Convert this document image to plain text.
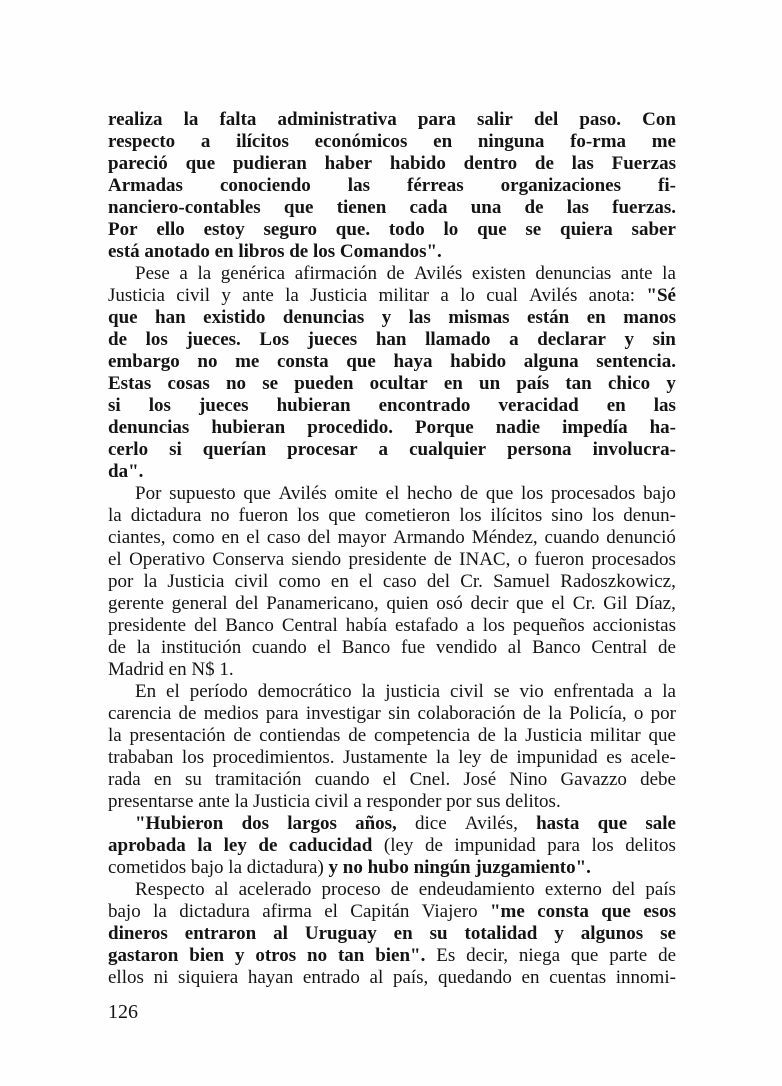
realiza la falta administrativa para salir del paso. Con
respecto a ilícitos económicos en ninguna fo-rma me
pareció que pudieran haber habido dentro de las Fuerzas
Armadas conociendo las férreas organizaciones fi-
nanciero-contables que tienen cada una de las fuerzas.
Por ello estoy seguro que. todo lo que se quiera saber
está anotado en libros de los Comandos".
Pese a la genérica afirmación de Avilés existen denuncias ante la
Justicia civil y ante la Justicia militar a lo cual Avilés anota: "Sé
que han existido denuncias y las mismas están en manos
de los jueces. Los jueces han llamado a declarar y sin
embargo no me consta que haya habido alguna sentencia.
Estas cosas no se pueden ocultar en un país tan chico y
si los jueces hubieran encontrado veracidad en las
denuncias hubieran procedido. Porque nadie impedía ha-
cerlo si querían procesar a cualquier persona involucra-
da".
Por supuesto que Avilés omite el hecho de que los procesados bajo
la dictadura no fueron los que cometieron los ilícitos sino los denun-
ciantes, como en el caso del mayor Armando Méndez, cuando denunció
el Operativo Conserva siendo presidente de INAC, o fueron procesados
por la Justicia civil como en el caso del Cr. Samuel Radoszkowicz,
gerente general del Panamericano, quien osó decir que el Cr. Gil Díaz,
presidente del Banco Central había estafado a los pequeños accionistas
de la institución cuando el Banco fue vendido al Banco Central de
Madrid en N$ 1.
En el período democrático la justicia civil se vio enfrentada a la
carencia de medios para investigar sin colaboración de la Policía, o por
la presentación de contiendas de competencia de la Justicia militar que
trababan los procedimientos. Justamente la ley de impunidad es acele-
rada en su tramitación cuando el Cnel. José Nino Gavazzo debe
presentarse ante la Justicia civil a responder por sus delitos.
"Hubieron dos largos años, dice Avilés, hasta que sale
aprobada la ley de caducidad (ley de impunidad para los delitos
cometidos bajo la dictadura) y no hubo ningún juzgamiento".
Respecto al acelerado proceso de endeudamiento externo del país
bajo la dictadura afirma el Capitán Viajero "me consta que esos
dineros entraron al Uruguay en su totalidad y algunos se
gastaron bien y otros no tan bien". Es decir, niega que parte de
ellos ni siquiera hayan entrado al país, quedando en cuentas innomi-
126
